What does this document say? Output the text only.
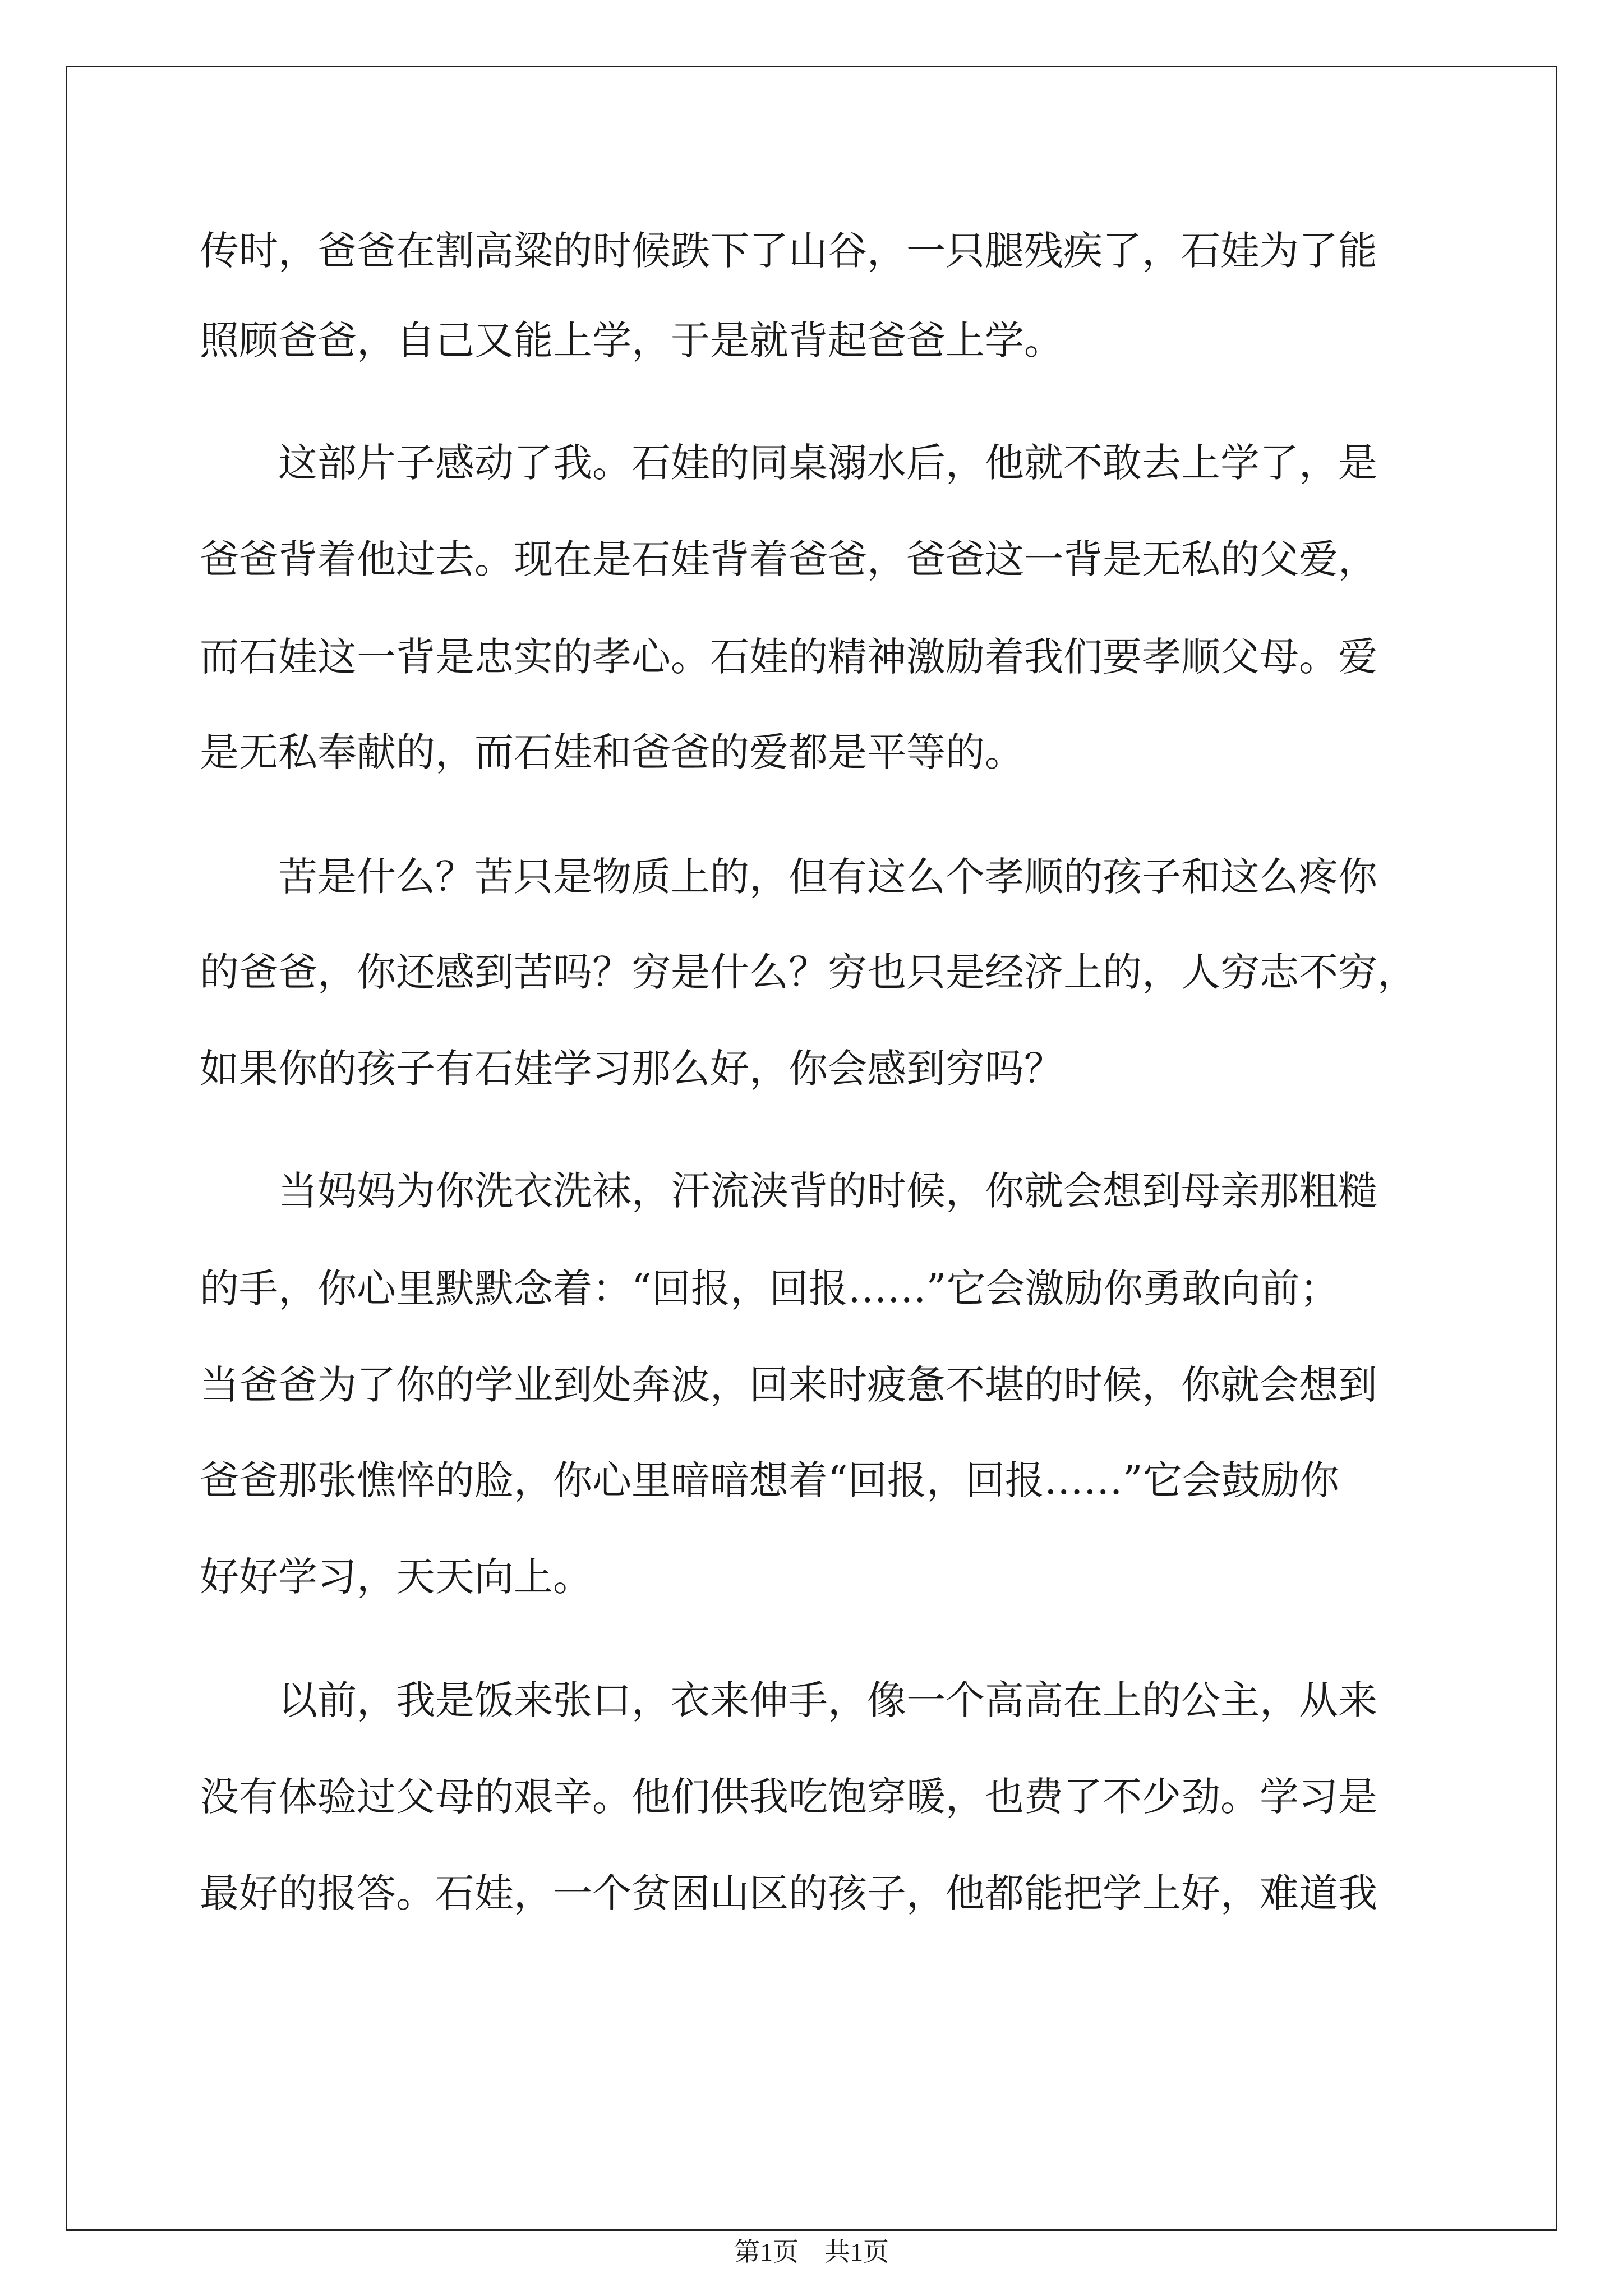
传时，爸爸在割高粱的时候跌下了山谷，一只腿残疾了，石娃为了能
照顾爸爸，自己又能上学，于是就背起爸爸上学。
　　这部片子感动了我。石娃的同桌溺水后，他就不敢去上学了，是
爸爸背着他过去。现在是石娃背着爸爸，爸爸这一背是无私的父爱，
而石娃这一背是忠实的孝心。石娃的精神激励着我们要孝顺父母。爱
是无私奉献的，而石娃和爸爸的爱都是平等的。
　　苦是什么？苦只是物质上的，但有这么个孝顺的孩子和这么疼你
的爸爸，你还感到苦吗？穷是什么？穷也只是经济上的，人穷志不穷，
如果你的孩子有石娃学习那么好，你会感到穷吗？
　　当妈妈为你洗衣洗袜，汗流浃背的时候，你就会想到母亲那粗糙
的手，你心里默默念着：“回报，回报……”它会激励你勇敢向前；
当爸爸为了你的学业到处奔波，回来时疲惫不堪的时候，你就会想到
爸爸那张憔悴的脸，你心里暗暗想着“回报，回报……”它会鼓励你
好好学习，天天向上。
　　以前，我是饭来张口，衣来伸手，像一个高高在上的公主，从来
没有体验过父母的艰辛。他们供我吃饱穿暖，也费了不少劲。学习是
最好的报答。石娃，一个贫困山区的孩子，他都能把学上好，难道我
第1页　共1页
